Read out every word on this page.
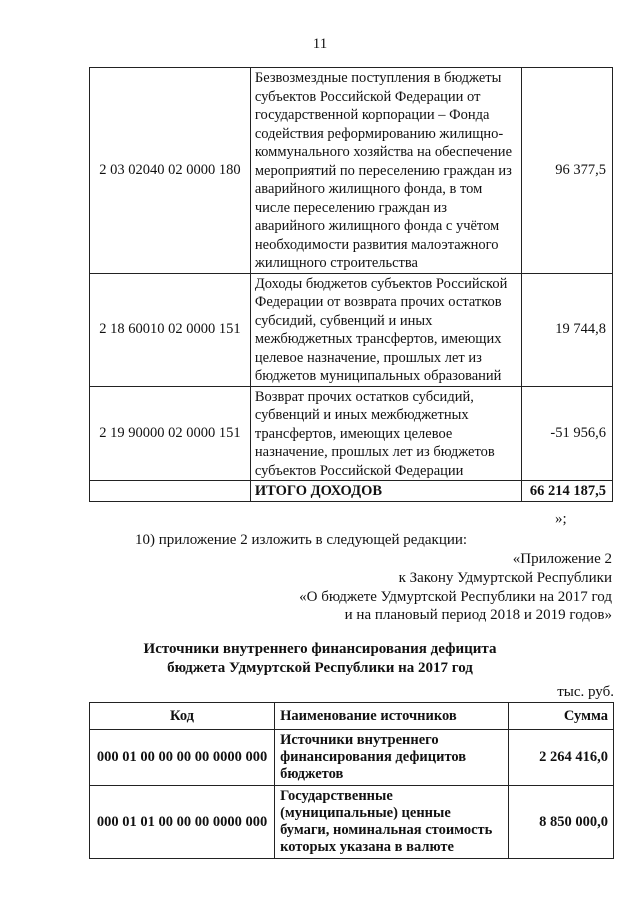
11
2 03 02040 02 0000 180	Безвозмездные поступления в бюджеты субъектов Российской Федерации от государственной корпорации – Фонда содействия реформированию жилищно-коммунального хозяйства на обеспечение мероприятий по переселению граждан из аварийного жилищного фонда, в том числе переселению граждан из аварийного жилищного фонда с учётом необходимости развития малоэтажного жилищного строительства	96 377,5
2 18 60010 02 0000 151	Доходы бюджетов субъектов Российской Федерации от возврата прочих остатков субсидий, субвенций и иных межбюджетных трансфертов, имеющих целевое назначение, прошлых лет из бюджетов муниципальных образований	19 744,8
2 19 90000 02 0000 151	Возврат прочих остатков субсидий, субвенций и иных межбюджетных трансфертов, имеющих целевое назначение, прошлых лет из бюджетов субъектов Российской Федерации	-51 956,6
	ИТОГО ДОХОДОВ	66 214 187,5
»;
10) приложение 2 изложить в следующей редакции:
«Приложение 2
к Закону Удмуртской Республики
«О бюджете Удмуртской Республики на 2017 год
и на плановый период 2018 и 2019 годов»
Источники внутреннего финансирования дефицита
бюджета Удмуртской Республики на 2017 год
тыс. руб.
Код	Наименование источников	Сумма
000 01 00 00 00 00 0000 000	Источники внутреннего финансирования дефицитов бюджетов	2 264 416,0
000 01 01 00 00 00 0000 000	Государственные (муниципальные) ценные бумаги, номинальная стоимость которых указана в валюте	8 850 000,0
